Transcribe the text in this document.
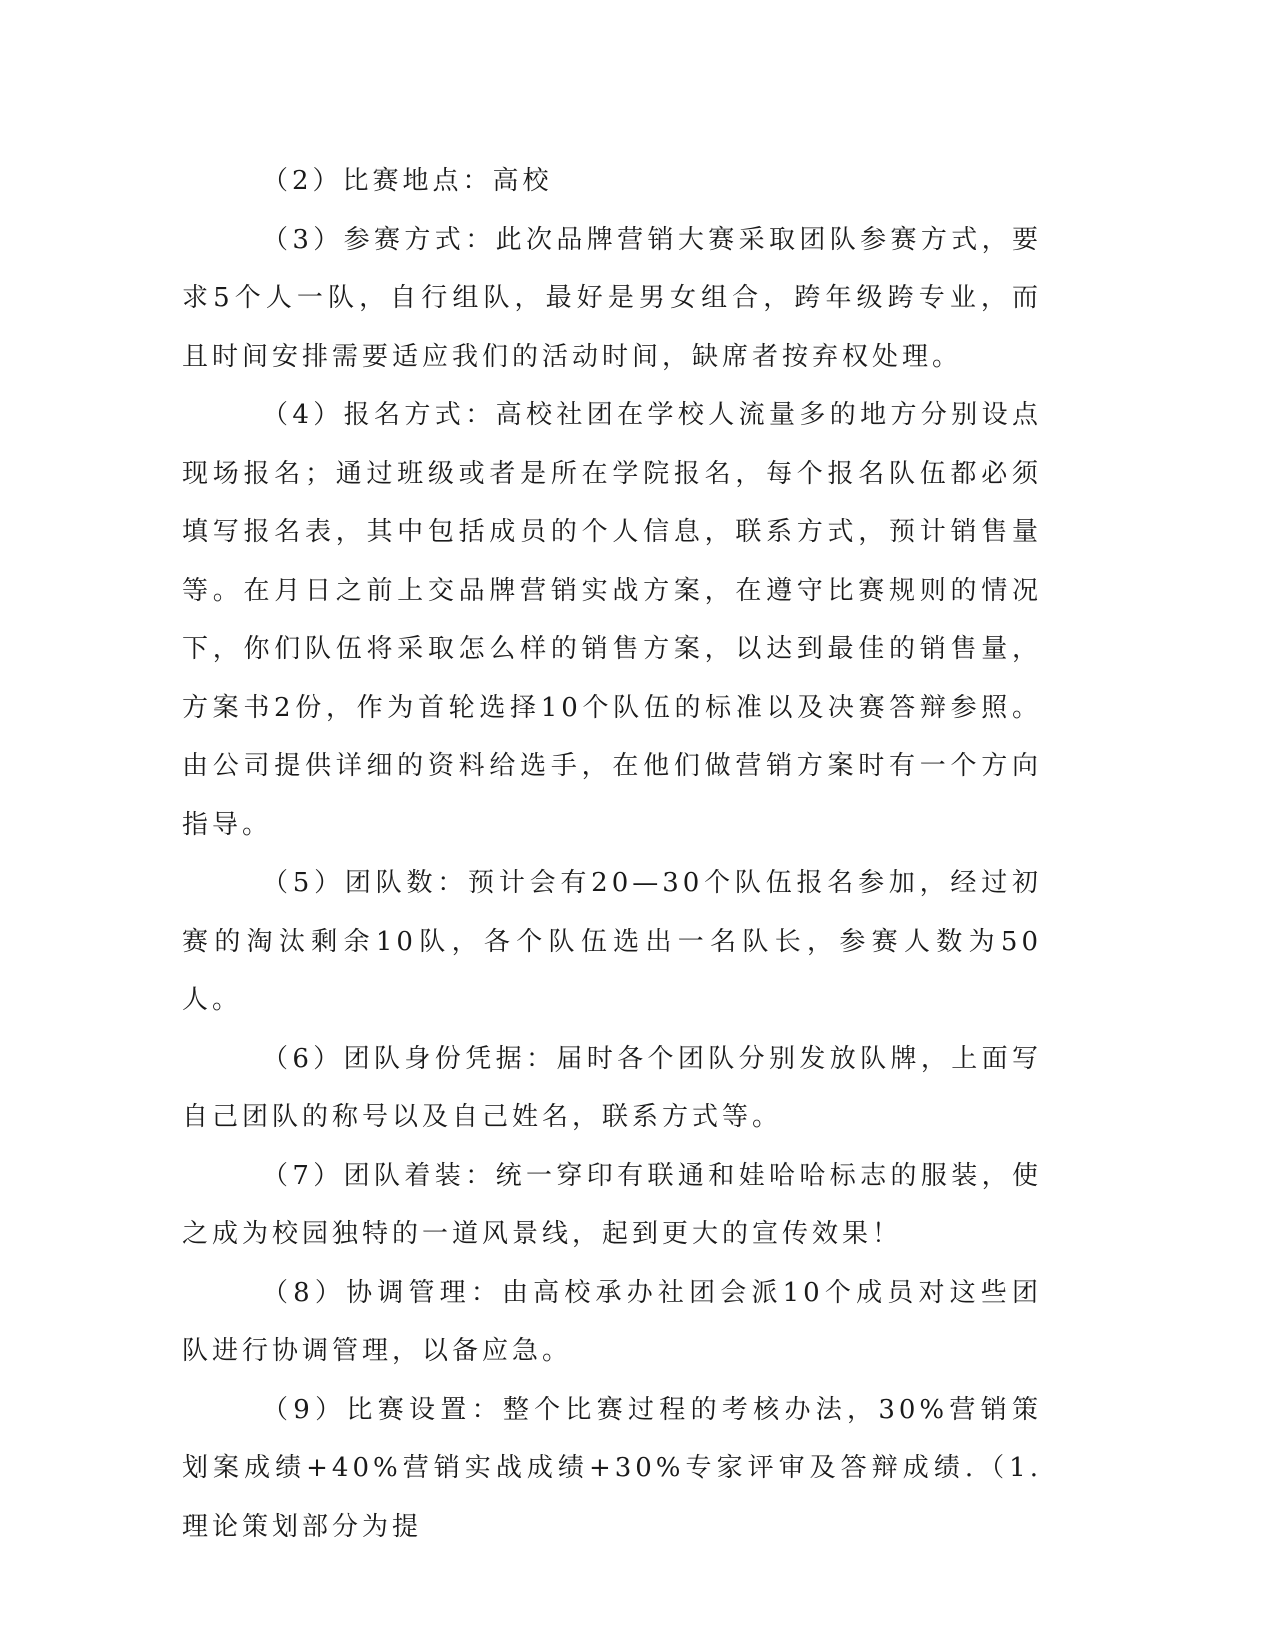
（2）比赛地点：高校

（3）参赛方式：此次品牌营销大赛采取团队参赛方式，要求5个人一队，自行组队，最好是男女组合，跨年级跨专业，而且时间安排需要适应我们的活动时间，缺席者按弃权处理。

（4）报名方式：高校社团在学校人流量多的地方分别设点现场报名；通过班级或者是所在学院报名，每个报名队伍都必须填写报名表，其中包括成员的个人信息，联系方式，预计销售量等。在月日之前上交品牌营销实战方案，在遵守比赛规则的情况下，你们队伍将采取怎么样的销售方案，以达到最佳的销售量，方案书2份，作为首轮选择10个队伍的标准以及决赛答辩参照。由公司提供详细的资料给选手，在他们做营销方案时有一个方向指导。

（5）团队数：预计会有20—30个队伍报名参加，经过初赛的淘汰剩余10队，各个队伍选出一名队长，参赛人数为50人。

（6）团队身份凭据：届时各个团队分别发放队牌，上面写自己团队的称号以及自己姓名，联系方式等。

（7）团队着装：统一穿印有联通和娃哈哈标志的服装，使之成为校园独特的一道风景线，起到更大的宣传效果！

（8）协调管理：由高校承办社团会派10个成员对这些团队进行协调管理，以备应急。

（9）比赛设置：整个比赛过程的考核办法，30%营销策划案成绩+40%营销实战成绩+30%专家评审及答辩成绩.（1.理论策划部分为提
